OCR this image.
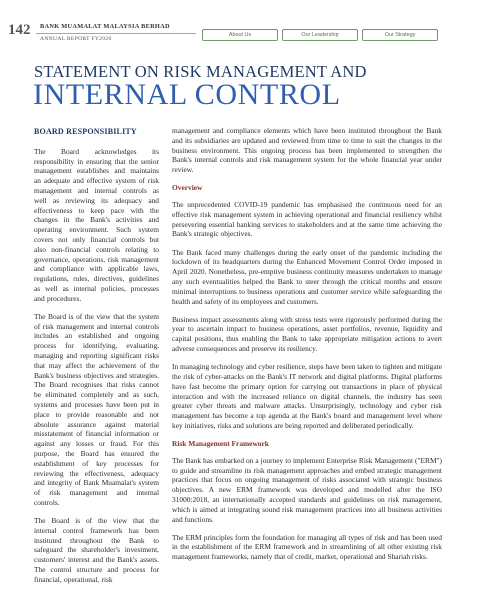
142 BANK MUAMALAT MALAYSIA BERHAD
ANNUAL REPORT FY2020
About Us	Our Leadership	Our Strategy
STATEMENT ON RISK MANAGEMENT AND
INTERNAL CONTROL
BOARD RESPONSIBILITY

The Board acknowledges its responsibility in ensuring that the senior management establishes and maintains an adequate and effective system of risk management and internal controls as well as reviewing its adequacy and effectiveness to keep pace with the changes in the Bank's activities and operating environment. Such system covers not only financial controls but also non-financial controls relating to governance, operations, risk management and compliance with applicable laws, regulations, rules, directives, guidelines as well as internal policies, processes and procedures.

The Board is of the view that the system of risk management and internal controls includes an established and ongoing process for identifying, evaluating, managing and reporting significant risks that may affect the achievement of the Bank's business objectives and strategies. The Board recognises that risks cannot be eliminated completely and as such, systems and processes have been put in place to provide reasonable and not absolute assurance against material misstatement of financial information or against any losses or fraud. For this purpose, the Board has ensured the establishment of key processes for reviewing the effectiveness, adequacy and integrity of Bank Muamalat's system of risk management and internal controls.

The Board is of the view that the internal control framework has been instituted throughout the Bank to safeguard the shareholder's investment, customers' interest and the Bank's assets. The control structure and process for financial, operational, risk

management and compliance elements which have been instituted throughout the Bank and its subsidiaries are updated and reviewed from time to time to suit the changes in the business environment. This ongoing process has been implemented to strengthen the Bank's internal controls and risk management system for the whole financial year under review.

Overview

The unprecedented COVID-19 pandemic has emphasised the continuous need for an effective risk management system in achieving operational and financial resiliency whilst persevering essential banking services to stakeholders and at the same time achieving the Bank's strategic objectives.

The Bank faced many challenges during the early onset of the pandemic including the lockdown of its headquarters during the Enhanced Movement Control Order imposed in April 2020. Nonetheless, pre-emptive business continuity measures undertaken to manage any such eventualities helped the Bank to steer through the critical months and ensure minimal interruptions to business operations and customer service while safeguarding the health and safety of its employees and customers.

Business impact assessments along with stress tests were rigorously performed during the year to ascertain impact to business operations, asset portfolios, revenue, liquidity and capital positions, thus enabling the Bank to take appropriate mitigation actions to avert adverse consequences and preserve its resiliency.

In managing technology and cyber resilience, steps have been taken to tighten and mitigate the risk of cyber-attacks on the Bank's IT network and digital platforms. Digital platforms have fast become the primary option for carrying out transactions in place of physical interaction and with the increased reliance on digital channels, the industry has seen greater cyber threats and malware attacks. Unsurprisingly, technology and cyber risk management has become a top agenda at the Bank's board and management level where key initiatives, risks and solutions are being reported and deliberated periodically.

Risk Management Framework

The Bank has embarked on a journey to implement Enterprise Risk Management ("ERM") to guide and streamline its risk management approaches and embed strategic management practices that focus on ongoing management of risks associated with strategic business objectives. A new ERM framework was developed and modelled after the ISO 31000:2018, an internationally accepted standards and guidelines on risk management, which is aimed at integrating sound risk management practices into all business activities and functions.

The ERM principles form the foundation for managing all types of risk and has been used in the establishment of the ERM framework and in streamlining of all other existing risk management frameworks, namely that of credit, market, operational and Shariah risks.
